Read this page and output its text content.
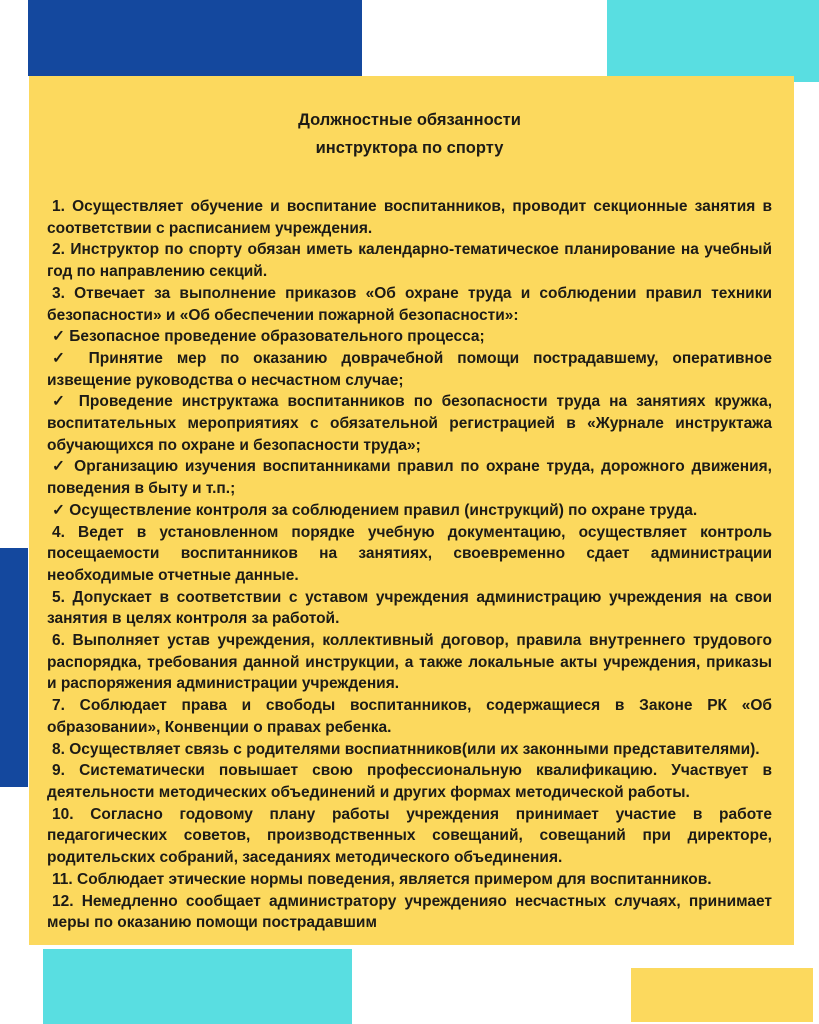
Должностные обязанности
инструктора по спорту

1. Осуществляет обучение и воспитание воспитанников, проводит секционные занятия в соответствии с расписанием учреждения.

2. Инструктор по спорту обязан иметь календарно-тематическое планирование на учебный год по направлению секций.

3. Отвечает за выполнение приказов «Об охране труда и соблюдении правил техники безопасности» и «Об обеспечении пожарной безопасности»:

✓ Безопасное проведение образовательного процесса;

✓ Принятие мер по оказанию доврачебной помощи пострадавшему, оперативное извещение руководства о несчастном случае;

✓ Проведение инструктажа воспитанников по безопасности труда на занятиях кружка, воспитательных мероприятиях с обязательной регистрацией в «Журнале инструктажа обучающихся по охране и безопасности труда»;

✓ Организацию изучения воспитанниками правил по охране труда, дорожного движения, поведения в быту и т.п.;

✓ Осуществление контроля за соблюдением правил (инструкций) по охране труда.

4. Ведет в установленном порядке учебную документацию, осуществляет контроль посещаемости воспитанников на занятиях, своевременно сдает администрации необходимые отчетные данные.

5. Допускает в соответствии с уставом учреждения администрацию учреждения на свои занятия в целях контроля за работой.

6. Выполняет устав учреждения, коллективный договор, правила внутреннего трудового распорядка, требования данной инструкции, а также локальные акты учреждения, приказы и распоряжения администрации учреждения.

7. Соблюдает права и свободы воспитанников, содержащиеся в Законе РК «Об образовании», Конвенции о правах ребенка.

8. Осуществляет связь с родителями воспиатнников(или их законными представителями).

9. Систематически повышает свою профессиональную квалификацию. Участвует в деятельности методических объединений и других формах методической работы.

10. Согласно годовому плану работы учреждения принимает участие в работе педагогических советов, производственных совещаний, совещаний при директоре, родительских собраний, заседаниях методического объединения.

11. Соблюдает этические нормы поведения, является примером для воспитанников.

12. Немедленно сообщает администратору учрежденияо несчастных случаях, принимает меры по оказанию помощи пострадавшим
